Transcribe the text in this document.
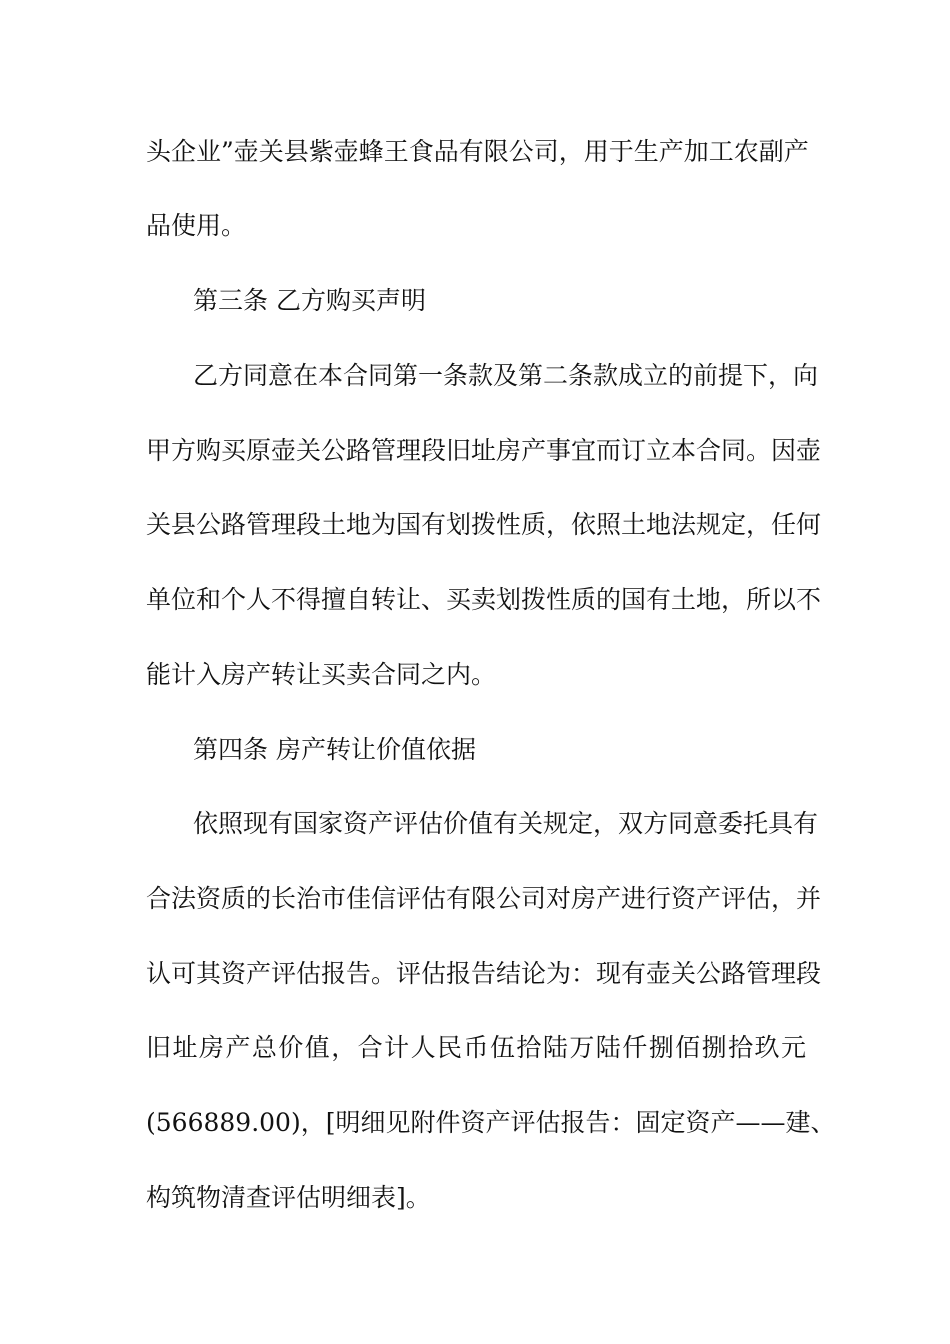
头企业”壶关县紫壶蜂王食品有限公司，用于生产加工农副产
品使用。
第三条 乙方购买声明
乙方同意在本合同第一条款及第二条款成立的前提下，向
甲方购买原壶关公路管理段旧址房产事宜而订立本合同。因壶
关县公路管理段土地为国有划拨性质，依照土地法规定，任何
单位和个人不得擅自转让、买卖划拨性质的国有土地，所以不
能计入房产转让买卖合同之内。
第四条 房产转让价值依据
依照现有国家资产评估价值有关规定，双方同意委托具有
合法资质的长治市佳信评估有限公司对房产进行资产评估，并
认可其资产评估报告。评估报告结论为：现有壶关公路管理段
旧址房产总价值，合计人民币伍拾陆万陆仟捌佰捌拾玖元
(566889.00)，[明细见附件资产评估报告：固定资产——建、
构筑物清查评估明细表]。
